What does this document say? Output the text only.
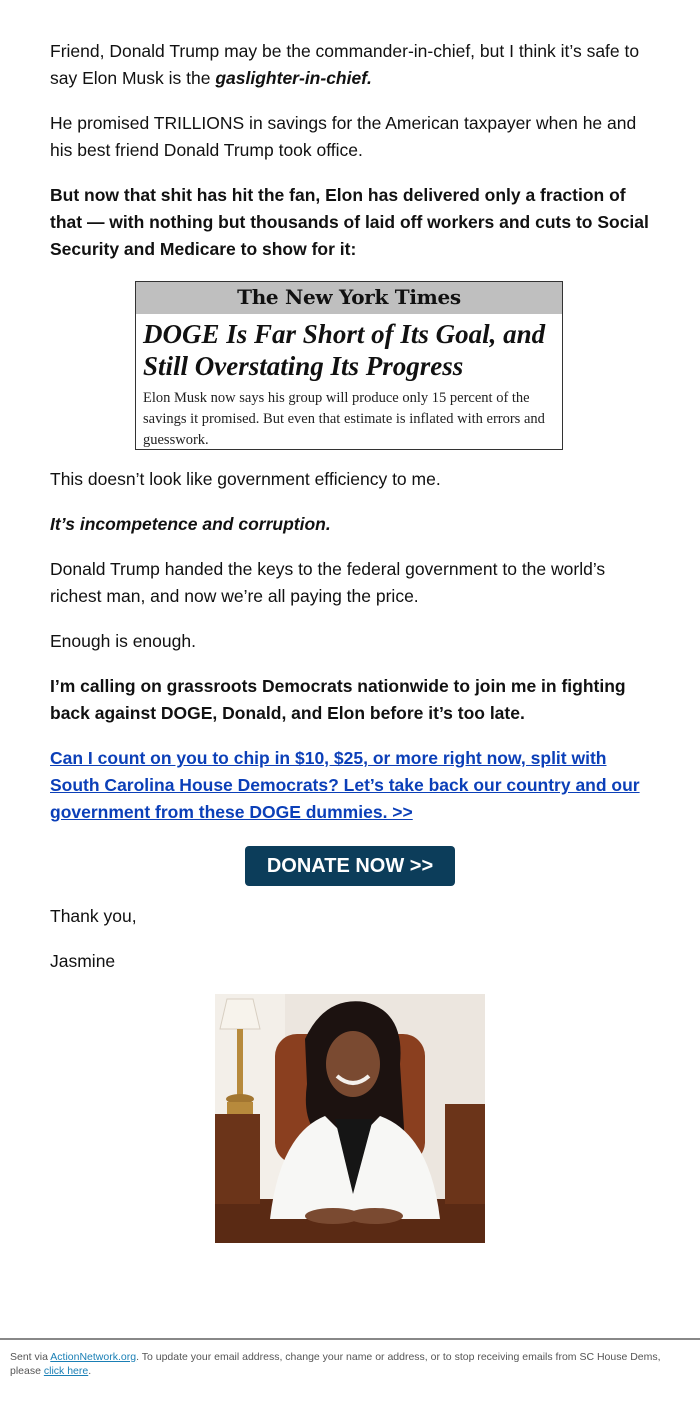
Friend, Donald Trump may be the commander-in-chief, but I think it’s safe to say Elon Musk is the gaslighter-in-chief.

He promised TRILLIONS in savings for the American taxpayer when he and his best friend Donald Trump took office.

But now that shit has hit the fan, Elon has delivered only a fraction of that — with nothing but thousands of laid off workers and cuts to Social Security and Medicare to show for it:

The New York Times
DOGE Is Far Short of Its Goal, and Still Overstating Its Progress
Elon Musk now says his group will produce only 15 percent of the savings it promised. But even that estimate is inflated with errors and guesswork.

This doesn’t look like government efficiency to me.

It’s incompetence and corruption.

Donald Trump handed the keys to the federal government to the world’s richest man, and now we’re all paying the price.

Enough is enough.

I’m calling on grassroots Democrats nationwide to join me in fighting back against DOGE, Donald, and Elon before it’s too late.

Can I count on you to chip in $10, $25, or more right now, split with South Carolina House Democrats? Let’s take back our country and our government from these DOGE dummies. >>
DONATE NOW >>
Thank you,
Jasmine
Sent via ActionNetwork.org. To update your email address, change your name or address, or to stop receiving emails from SC House Dems, please click here.
